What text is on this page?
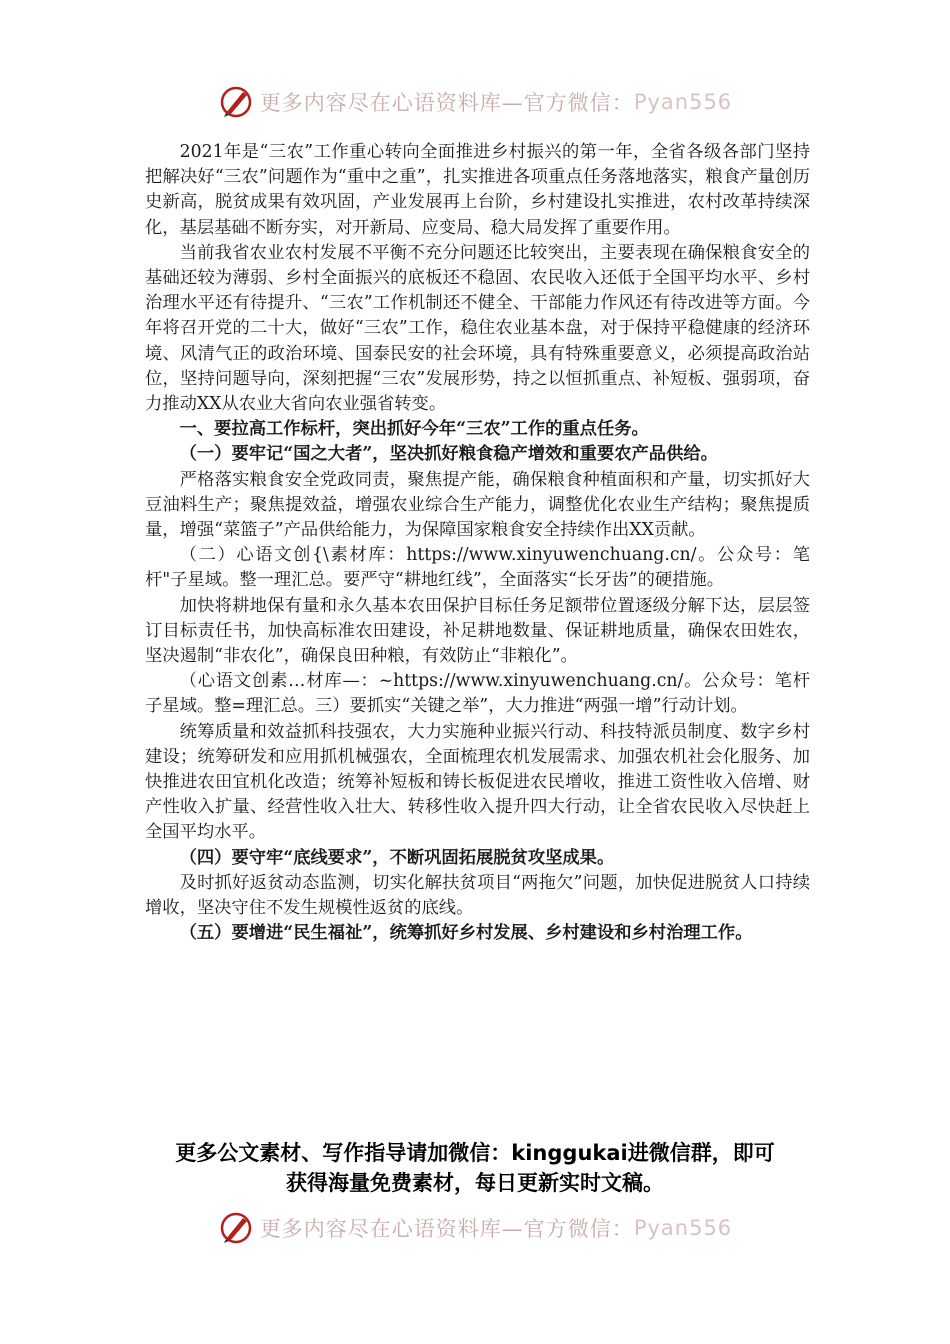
更多内容尽在心语资料库—官方微信： Pyan556

2021年是“三农”工作重心转向全面推进乡村振兴的第一年，全省各级各部门坚持把解决好“三农”问题作为“重中之重”，扎实推进各项重点任务落地落实，粮食产量创历史新高，脱贫成果有效巩固，产业发展再上台阶，乡村建设扎实推进，农村改革持续深化，基层基础不断夯实，对开新局、应变局、稳大局发挥了重要作用。

当前我省农业农村发展不平衡不充分问题还比较突出，主要表现在确保粮食安全的基础还较为薄弱、乡村全面振兴的底板还不稳固、农民收入还低于全国平均水平、乡村治理水平还有待提升、“三农”工作机制还不健全、干部能力作风还有待改进等方面。今年将召开党的二十大，做好“三农”工作，稳住农业基本盘，对于保持平稳健康的经济环境、风清气正的政治环境、国泰民安的社会环境，具有特殊重要意义，必须提高政治站位，坚持问题导向，深刻把握“三农”发展形势，持之以恒抓重点、补短板、强弱项，奋力推动XX从农业大省向农业强省转变。

一、要拉高工作标杆，突出抓好今年“三农”工作的重点任务。

（一）要牢记“国之大者”，坚决抓好粮食稳产增效和重要农产品供给。

严格落实粮食安全党政同责，聚焦提产能，确保粮食种植面积和产量，切实抓好大豆油料生产；聚焦提效益，增强农业综合生产能力，调整优化农业生产结构；聚焦提质量，增强“菜篮子”产品供给能力，为保障国家粮食安全持续作出XX贡献。

（二）心语文创{\素材库：https://www.xinyuwenchuang.cn/。公众号：笔杆"子星域。整一理汇总。要严守“耕地红线”，全面落实“长牙齿”的硬措施。

加快将耕地保有量和永久基本农田保护目标任务足额带位置逐级分解下达，层层签订目标责任书，加快高标准农田建设，补足耕地数量、保证耕地质量，确保农田姓农，坚决遏制“非农化”，确保良田种粮，有效防止“非粮化”。

（心语文创素…材库—：~https://www.xinyuwenchuang.cn/。公众号：笔杆子星域。整=理汇总。三）要抓实“关键之举”，大力推进“两强一增”行动计划。

统筹质量和效益抓科技强农，大力实施种业振兴行动、科技特派员制度、数字乡村建设；统筹研发和应用抓机械强农，全面梳理农机发展需求、加强农机社会化服务、加快推进农田宜机化改造；统筹补短板和铸长板促进农民增收，推进工资性收入倍增、财产性收入扩量、经营性收入壮大、转移性收入提升四大行动，让全省农民收入尽快赶上全国平均水平。

（四）要守牢“底线要求”，不断巩固拓展脱贫攻坚成果。

及时抓好返贫动态监测，切实化解扶贫项目“两拖欠”问题，加快促进脱贫人口持续增收，坚决守住不发生规模性返贫的底线。

（五）要增进“民生福祉”，统筹抓好乡村发展、乡村建设和乡村治理工作。

更多公文素材、写作指导请加微信：kinggukai进微信群，即可
获得海量免费素材，每日更新实时文稿。
更多内容尽在心语资料库—官方微信： Pyan556
